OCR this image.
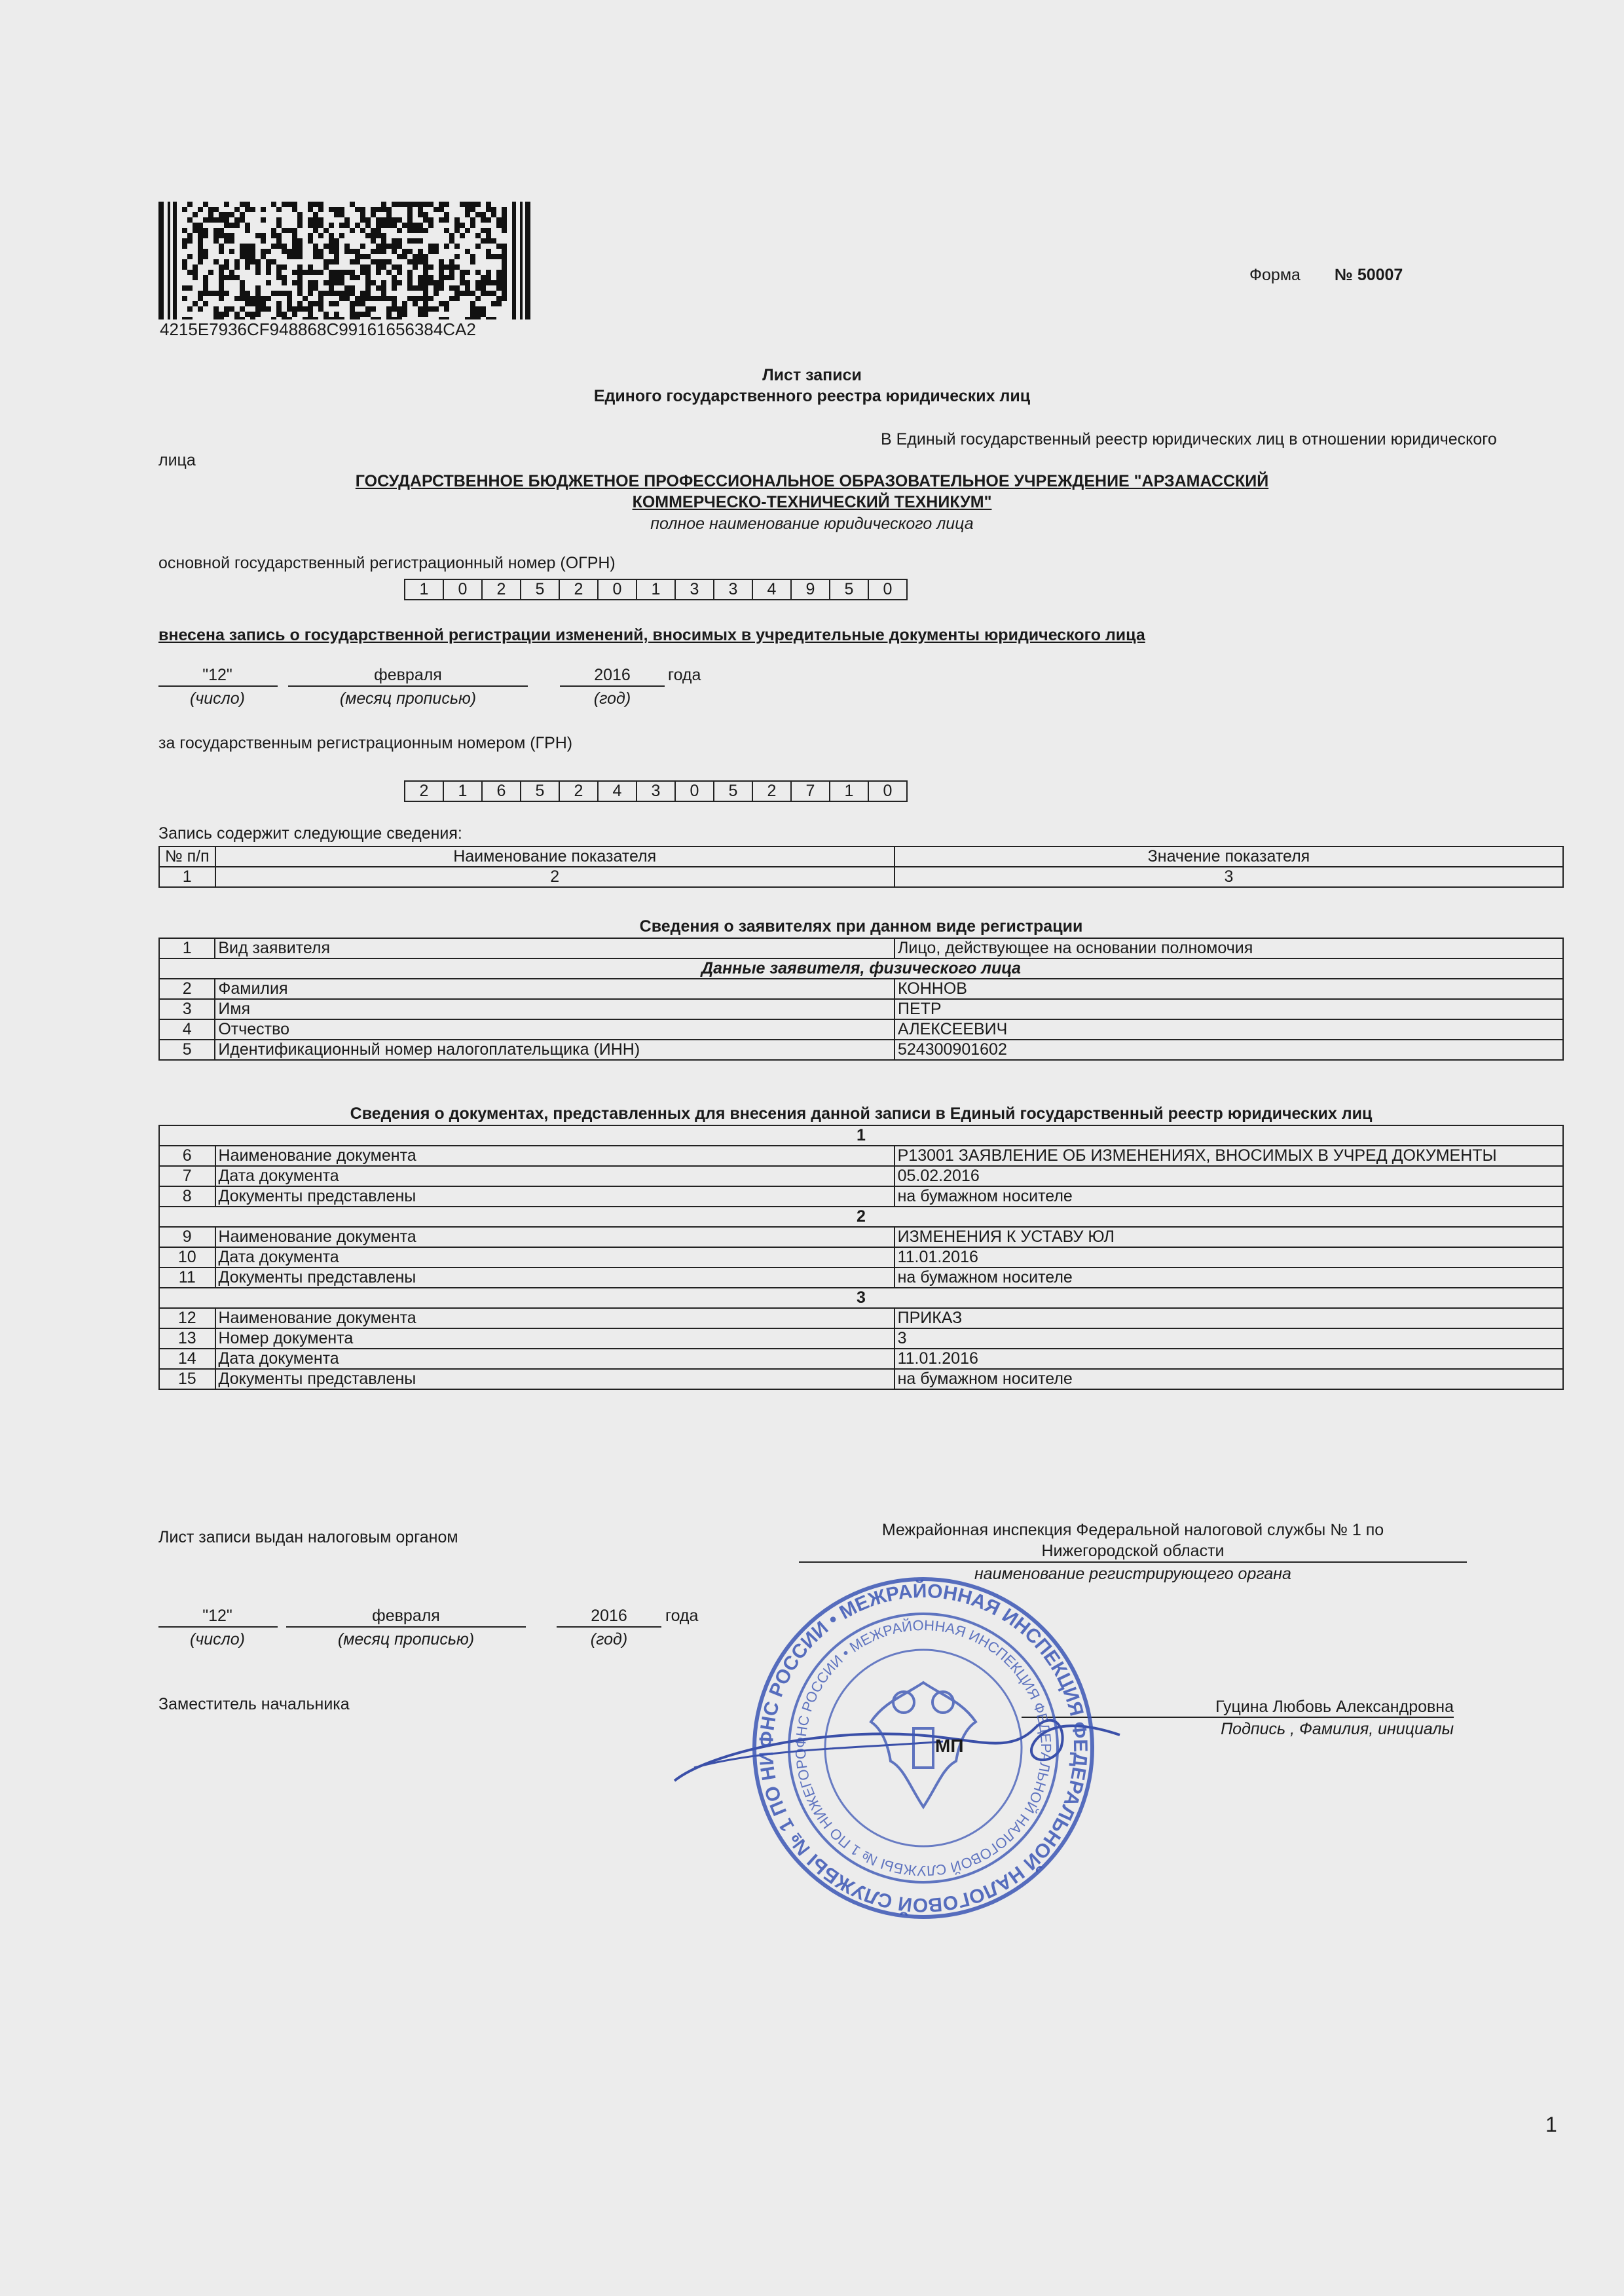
4215E7936CF948868C99161656384CA2
Форма № 50007
Лист записи
Единого государственного реестра юридических лиц
В Единый государственный реестр юридических лиц в отношении юридического
лица
ГОСУДАРСТВЕННОЕ БЮДЖЕТНОЕ ПРОФЕССИОНАЛЬНОЕ ОБРАЗОВАТЕЛЬНОЕ УЧРЕЖДЕНИЕ "АРЗАМАССКИЙ
КОММЕРЧЕСКО-ТЕХНИЧЕСКИЙ ТЕХНИКУМ"
полное наименование юридического лица
основной государственный регистрационный номер (ОГРН)
1	0	2	5	2	0	1	3	3	4	9	5	0
внесена запись о государственной регистрации изменений, вносимых в учредительные документы юридического лица
"12"	февраля	2016	года
(число)	(месяц прописью)	(год)
за государственным регистрационным номером (ГРН)
2	1	6	5	2	4	3	0	5	2	7	1	0
Запись содержит следующие сведения:
№ п/п	Наименование показателя	Значение показателя
1	2	3
Сведения о заявителях при данном виде регистрации
1	Вид заявителя	Лицо, действующее на основании полномочия
Данные заявителя, физического лица		
2	Фамилия	КОННОВ
3	Имя	ПЕТР
4	Отчество	АЛЕКСЕЕВИЧ
5	Идентификационный номер налогоплательщика (ИНН)	524300901602
Сведения о документах, представленных для внесения данной записи в Единый государственный реестр юридических лиц
1		
6	Наименование документа	Р13001 ЗАЯВЛЕНИЕ ОБ ИЗМЕНЕНИЯХ, ВНОСИМЫХ В УЧРЕД ДОКУМЕНТЫ
7	Дата документа	05.02.2016
8	Документы представлены	на бумажном носителе
2		
9	Наименование документа	ИЗМЕНЕНИЯ К УСТАВУ ЮЛ
10	Дата документа	11.01.2016
11	Документы представлены	на бумажном носителе
3		
12	Наименование документа	ПРИКАЗ
13	Номер документа	3
14	Дата документа	11.01.2016
15	Документы представлены	на бумажном носителе
Лист записи выдан налоговым органом	Межрайонная инспекция Федеральной налоговой службы № 1 по
Нижегородской области
наименование регистрирующего органа
"12"	февраля	2016	года
(число)	(месяц прописью)	(год)
Заместитель начальника	Гуцина Любовь Александровна
Подпись , Фамилия, инициалы
ФНС РОССИИ • МЕЖРАЙОННАЯ ИНСПЕКЦИЯ ФЕДЕРАЛЬНОЙ НАЛОГОВОЙ СЛУЖБЫ № 1 ПО НИ
ФНС РОССИИ • МЕЖРАЙОННАЯ ИНСПЕКЦИЯ ФЕДЕРАЛЬНОЙ НАЛОГОВОЙ СЛУЖБЫ № 1 ПО НИЖЕГОРО	МП
1
